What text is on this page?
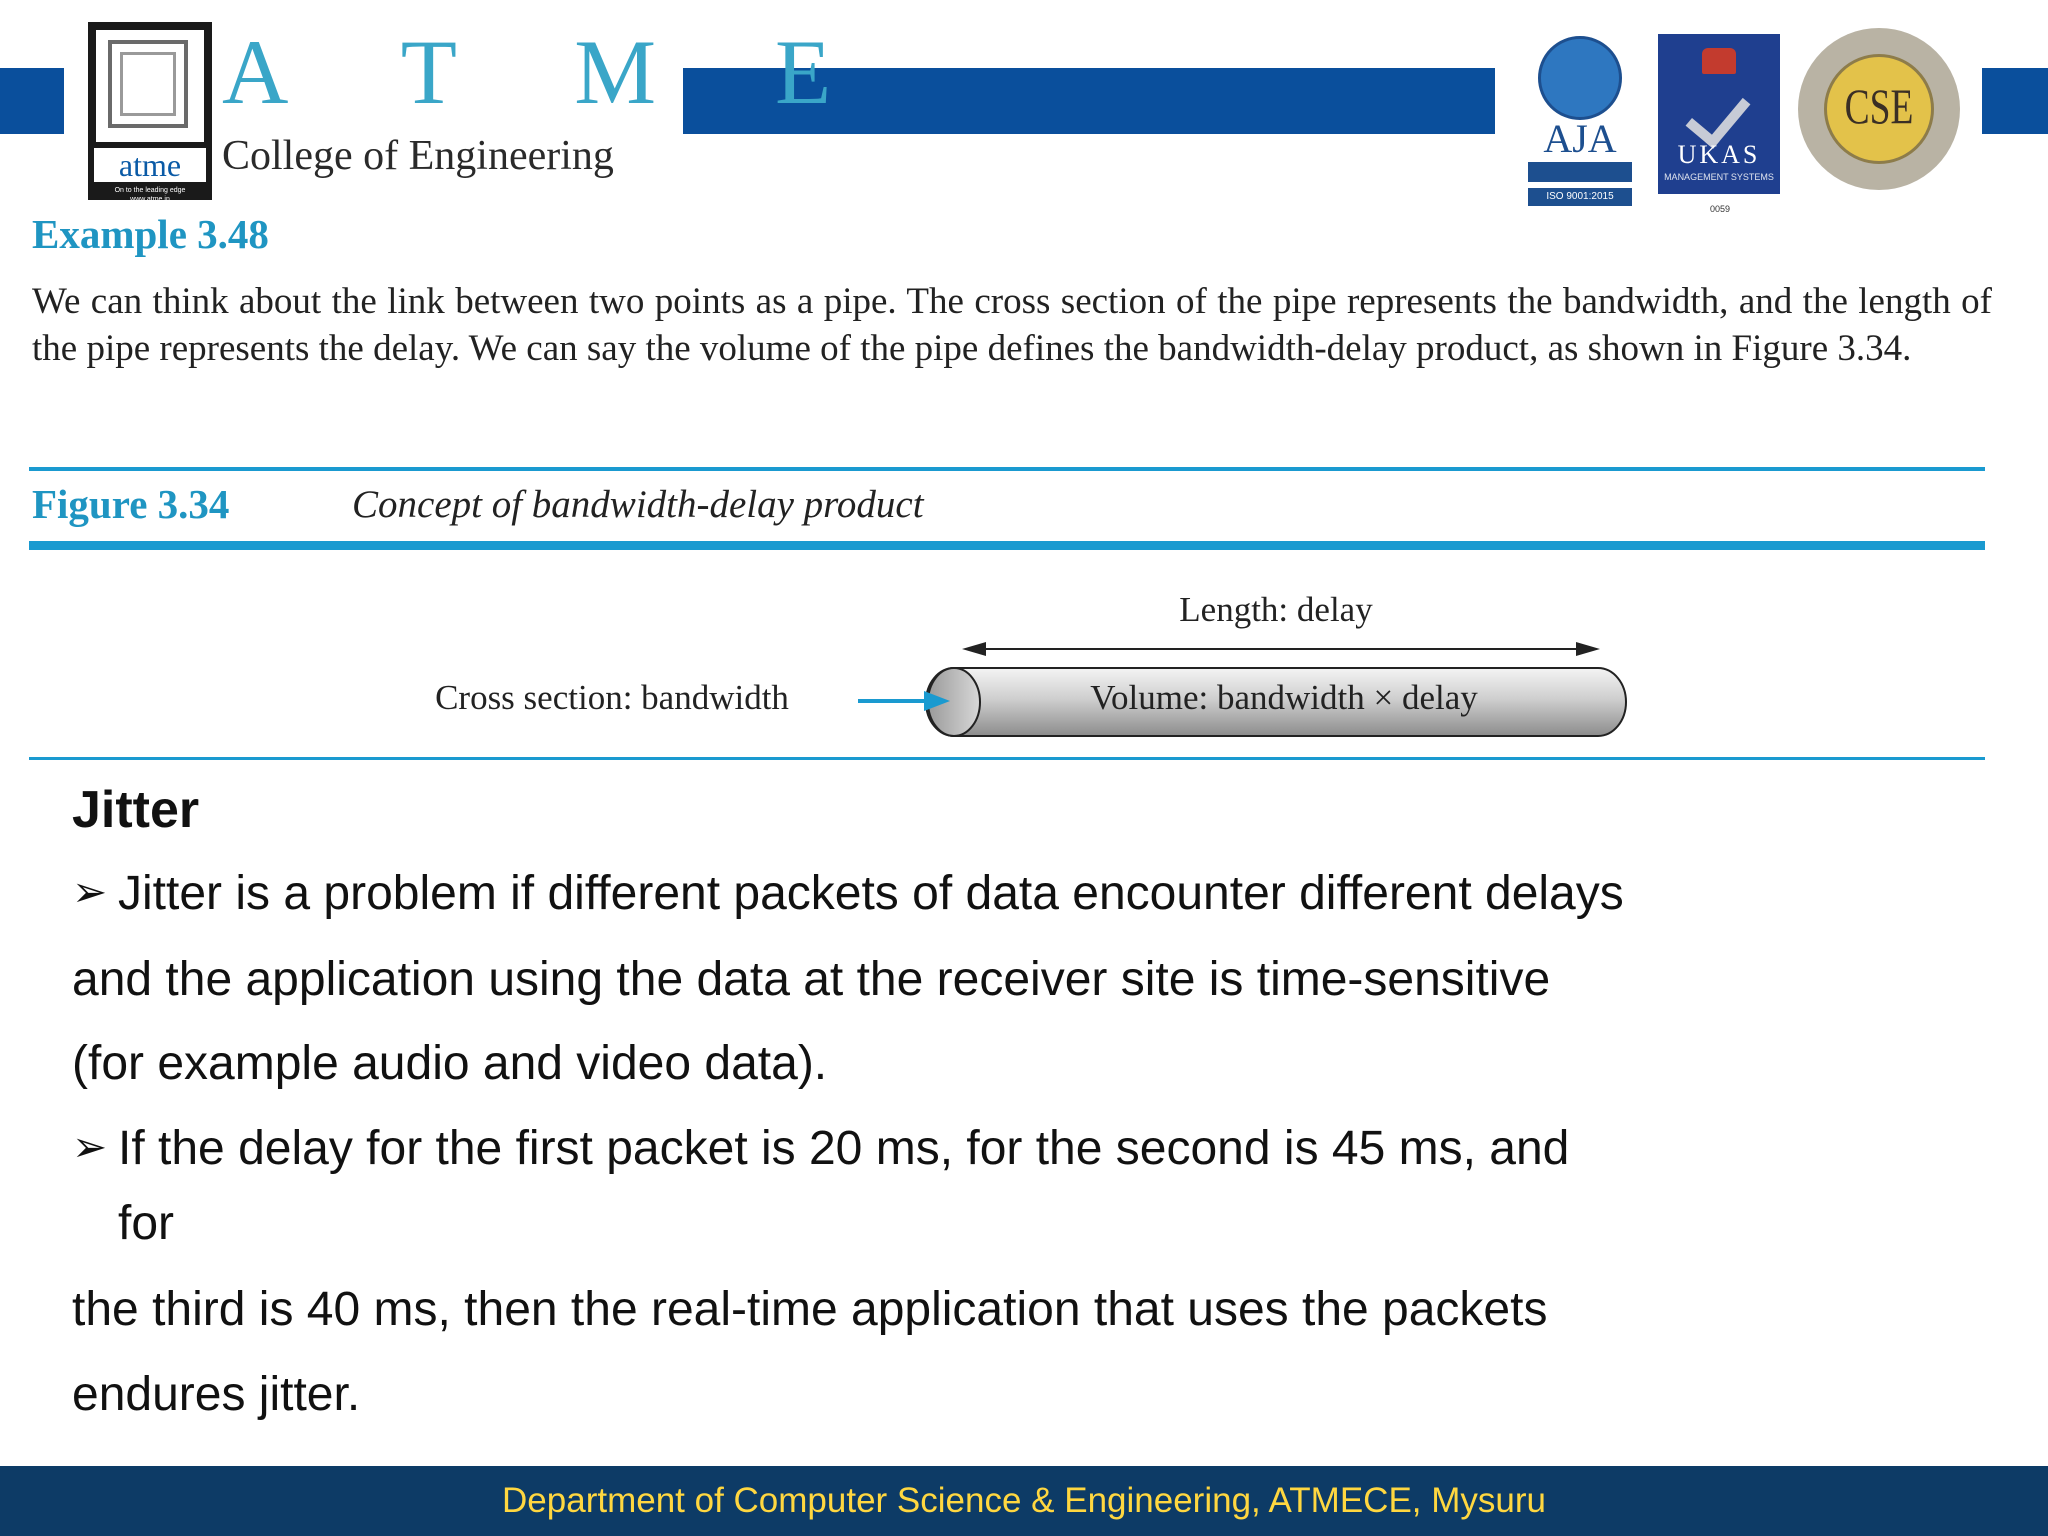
atme
On to the leading edge
www.atme.in
A T M E
College of Engineering	AJA
ISO 9001:2015
UKAS
MANAGEMENT SYSTEMS
0059
CSE
Example 3.48
We can think about the link between two points as a pipe. The cross section of the pipe represents the bandwidth, and the length of the pipe represents the delay. We can say the volume of the pipe defines the bandwidth-delay product, as shown in Figure 3.34.
Figure 3.34	Concept of bandwidth-delay product
Length: delay
Volume: bandwidth × delay
Cross section: bandwidth
Jitter
➢ Jitter is a problem if different packets of data encounter different delays
and the application using the data at the receiver site is time-sensitive
(for example audio and video data).
➢ If the delay for the first packet is 20 ms, for the second is 45 ms, and
for
the third is 40 ms, then the real-time application that uses the packets
endures jitter.
Department of Computer Science & Engineering, ATMECE, Mysuru
